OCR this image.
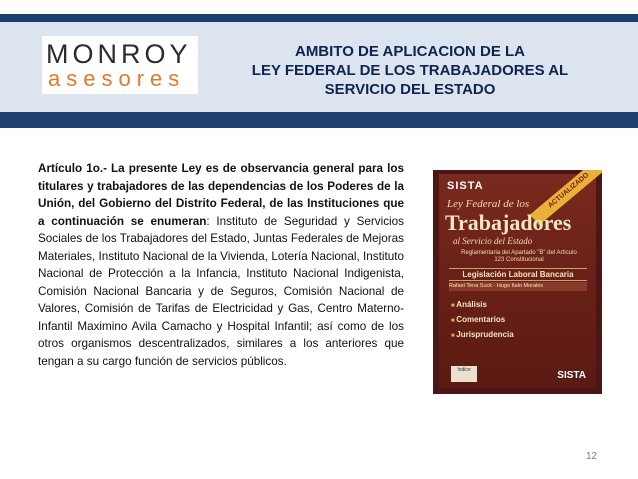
MONROY
asesores
AMBITO DE APLICACION DE LA
LEY FEDERAL DE LOS TRABAJADORES AL
SERVICIO DEL ESTADO
Artículo 1o.- La presente Ley es de observancia general para los titulares y trabajadores de las dependencias de los Poderes de la Unión, del Gobierno del Distrito Federal, de las Instituciones que a continuación se enumeran: Instituto de Seguridad y Servicios Sociales de los Trabajadores del Estado, Juntas Federales de Mejoras Materiales, Instituto Nacional de la Vivienda, Lotería Nacional, Instituto Nacional de Protección a la Infancia, Instituto Nacional Indigenista, Comisión Nacional Bancaria y de Seguros, Comisión Nacional de Valores, Comisión de Tarifas de Electricidad y Gas, Centro Materno-Infantil Maximino Avila Camacho y Hospital Infantil; así como de los otros organismos descentralizados, similares a los anteriores que tengan a su cargo función de servicios públicos.
SISTA	ACTUALIZADO
Ley Federal de los
Trabajadores
al Servicio del Estado
Reglamentaria del Apartado "B" del Artículo 123 Constitucional
Legislación Laboral Bancaria
Rafael Tena Suck · Hugo Italo Morales
■ Análisis
■ Comentarios
■ Jurisprudencia
índice	SISTA
12
